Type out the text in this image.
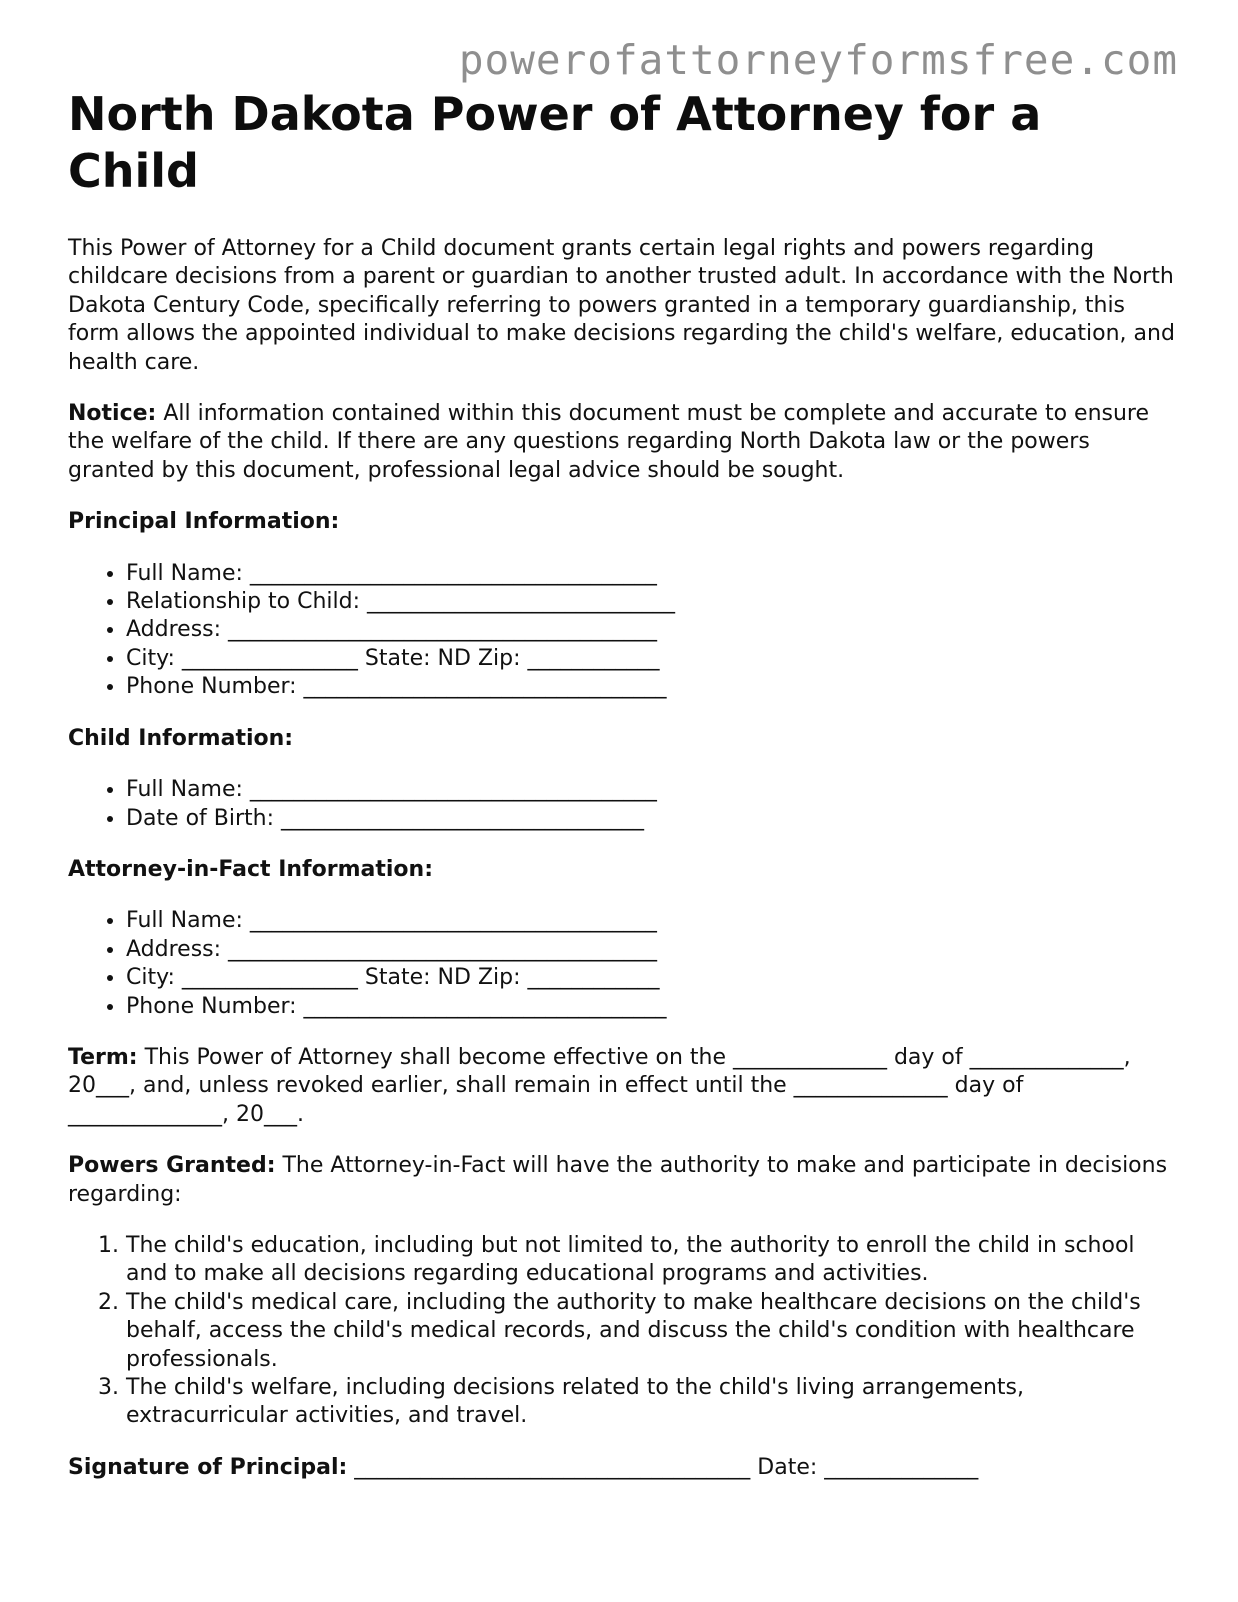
powerofattorneyformsfree.com
North Dakota Power of Attorney for a Child

This Power of Attorney for a Child document grants certain legal rights and powers regarding childcare decisions from a parent or guardian to another trusted adult. In accordance with the North Dakota Century Code, specifically referring to powers granted in a temporary guardianship, this form allows the appointed individual to make decisions regarding the child's welfare, education, and health care.

Notice: All information contained within this document must be complete and accurate to ensure the welfare of the child. If there are any questions regarding North Dakota law or the powers granted by this document, professional legal advice should be sought.

Principal Information:
• Full Name: _____________________________________
• Relationship to Child: ____________________________
• Address: _______________________________________
• City: ________________ State: ND Zip: ____________
• Phone Number: _________________________________
Child Information:
• Full Name: _____________________________________
• Date of Birth: _________________________________
Attorney-in-Fact Information:
• Full Name: _____________________________________
• Address: _______________________________________
• City: ________________ State: ND Zip: ____________
• Phone Number: _________________________________

Term: This Power of Attorney shall become effective on the ______________ day of ______________, 20___, and, unless revoked earlier, shall remain in effect until the ______________ day of ______________, 20___.

Powers Granted: The Attorney-in-Fact will have the authority to make and participate in decisions regarding:

1. The child's education, including but not limited to, the authority to enroll the child in school and to make all decisions regarding educational programs and activities.
2. The child's medical care, including the authority to make healthcare decisions on the child's behalf, access the child's medical records, and discuss the child's condition with healthcare professionals.
3. The child's welfare, including decisions related to the child's living arrangements, extracurricular activities, and travel.

Signature of Principal: ____________________________________ Date: ______________
